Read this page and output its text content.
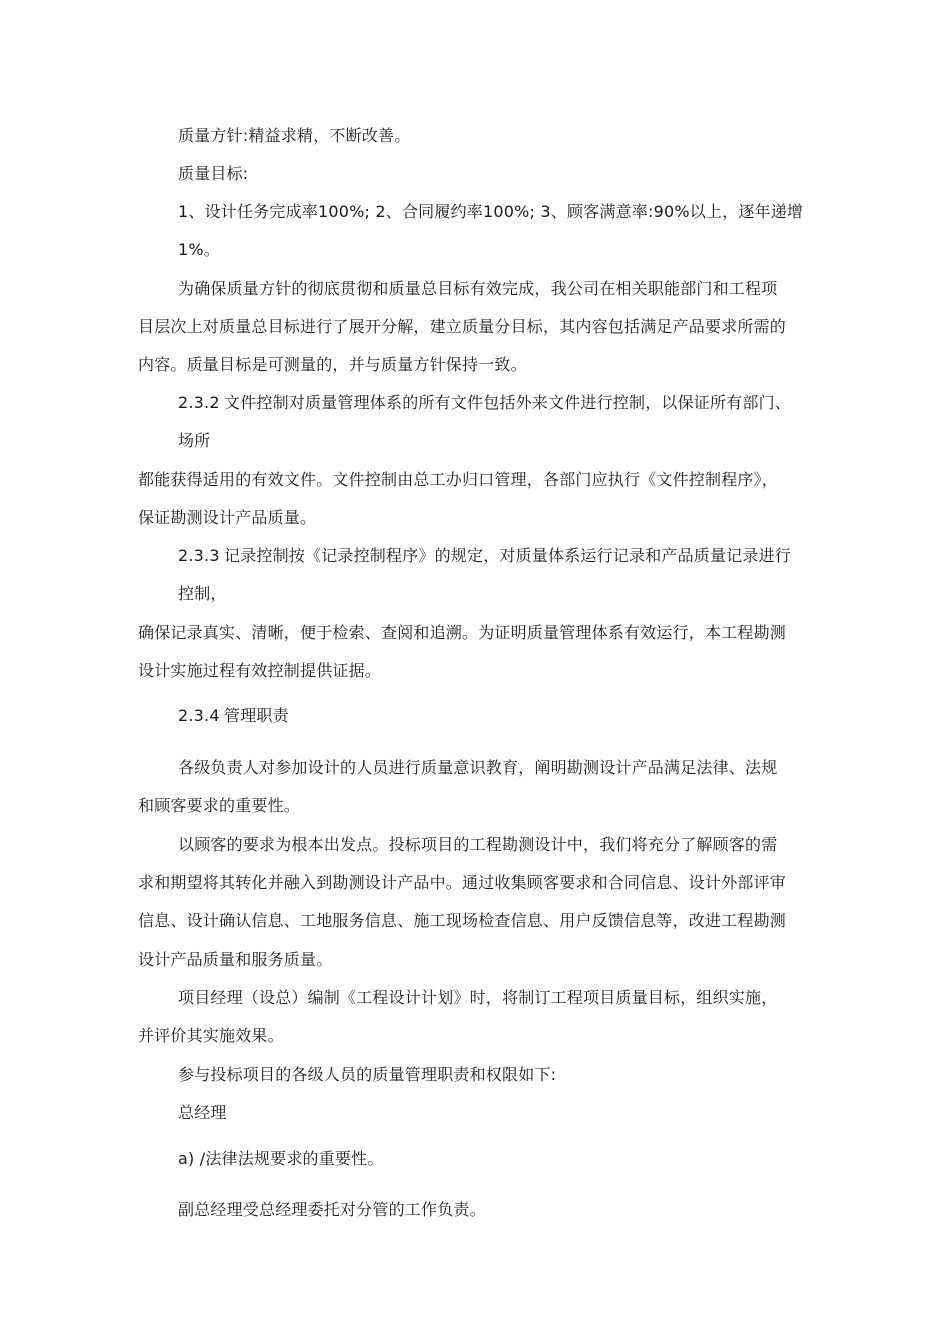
质量方针:精益求精，不断改善。
质量目标:
1、设计任务完成率100%; 2、合同履约率100%; 3、顾客满意率:90%以上，逐年递增
1%。
为确保质量方针的彻底贯彻和质量总目标有效完成，我公司在相关职能部门和工程项
目层次上对质量总目标进行了展开分解，建立质量分目标，其内容包括满足产品要求所需的
内容。质量目标是可测量的，并与质量方针保持一致。
2.3.2 文件控制对质量管理体系的所有文件包括外来文件进行控制，以保证所有部门、
场所
都能获得适用的有效文件。文件控制由总工办归口管理，各部门应执行《文件控制程序》，
保证勘测设计产品质量。
2.3.3 记录控制按《记录控制程序》的规定，对质量体系运行记录和产品质量记录进行
控制，
确保记录真实、清晰，便于检索、查阅和追溯。为证明质量管理体系有效运行，本工程勘测
设计实施过程有效控制提供证据。
2.3.4 管理职责
各级负责人对参加设计的人员进行质量意识教育，阐明勘测设计产品满足法律、法规
和顾客要求的重要性。
以顾客的要求为根本出发点。投标项目的工程勘测设计中，我们将充分了解顾客的需
求和期望将其转化并融入到勘测设计产品中。通过收集顾客要求和合同信息、设计外部评审
信息、设计确认信息、工地服务信息、施工现场检查信息、用户反馈信息等，改进工程勘测
设计产品质量和服务质量。
项目经理（设总）编制《工程设计计划》时，将制订工程项目质量目标，组织实施，
并评价其实施效果。
参与投标项目的各级人员的质量管理职责和权限如下:
总经理
a) /法律法规要求的重要性。
副总经理受总经理委托对分管的工作负责。
